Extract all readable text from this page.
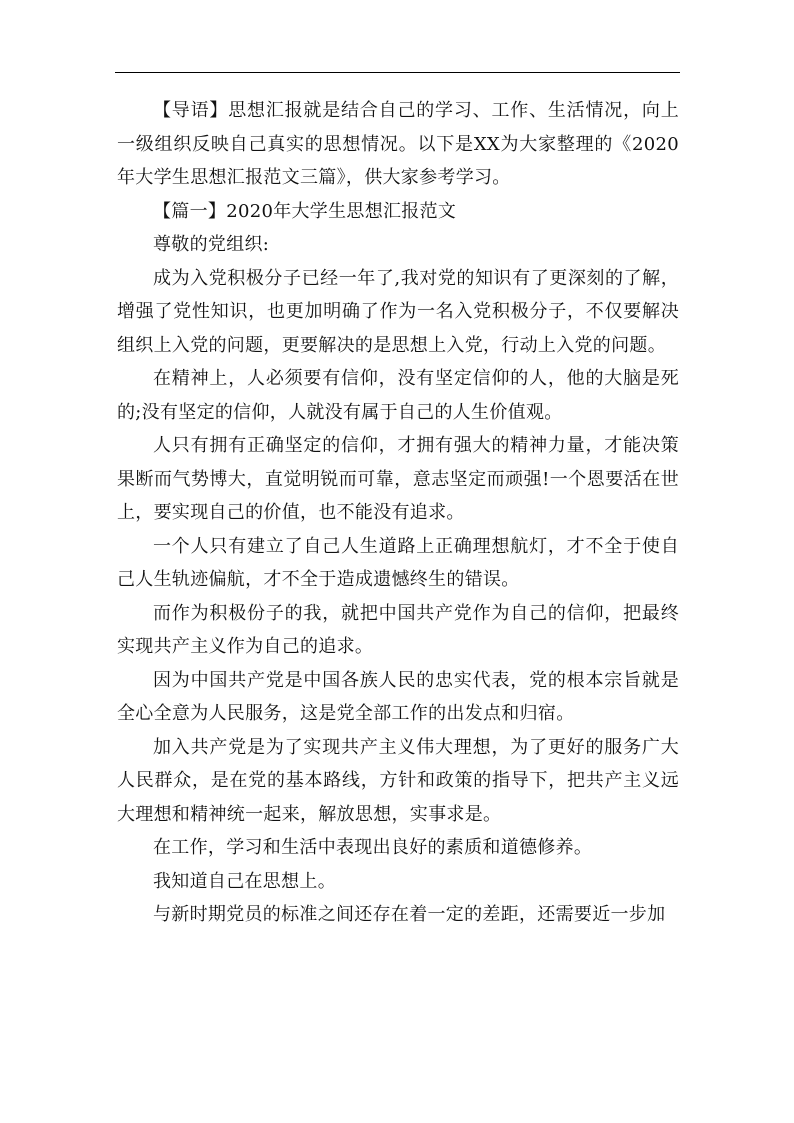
【导语】思想汇报就是结合自己的学习、工作、生活情况，向上一级组织反映自己真实的思想情况。以下是XX为大家整理的《2020年大学生思想汇报范文三篇》，供大家参考学习。

【篇一】2020年大学生思想汇报范文

尊敬的党组织:

成为入党积极分子已经一年了,我对党的知识有了更深刻的了解，增强了党性知识，也更加明确了作为一名入党积极分子，不仅要解决组织上入党的问题，更要解决的是思想上入党，行动上入党的问题。

在精神上，人必须要有信仰，没有坚定信仰的人，他的大脑是死的;没有坚定的信仰，人就没有属于自己的人生价值观。

人只有拥有正确坚定的信仰，才拥有强大的精神力量，才能决策果断而气势博大，直觉明锐而可靠，意志坚定而顽强!一个恩要活在世上，要实现自己的价值，也不能没有追求。

一个人只有建立了自己人生道路上正确理想航灯，才不全于使自己人生轨迹偏航，才不全于造成遗憾终生的错误。

而作为积极份子的我，就把中国共产党作为自己的信仰，把最终实现共产主义作为自己的追求。

因为中国共产党是中国各族人民的忠实代表，党的根本宗旨就是全心全意为人民服务，这是党全部工作的出发点和归宿。

加入共产党是为了实现共产主义伟大理想，为了更好的服务广大人民群众，是在党的基本路线，方针和政策的指导下，把共产主义远大理想和精神统一起来，解放思想，实事求是。

在工作，学习和生活中表现出良好的素质和道德修养。

我知道自己在思想上。

与新时期党员的标准之间还存在着一定的差距，还需要近一步加
